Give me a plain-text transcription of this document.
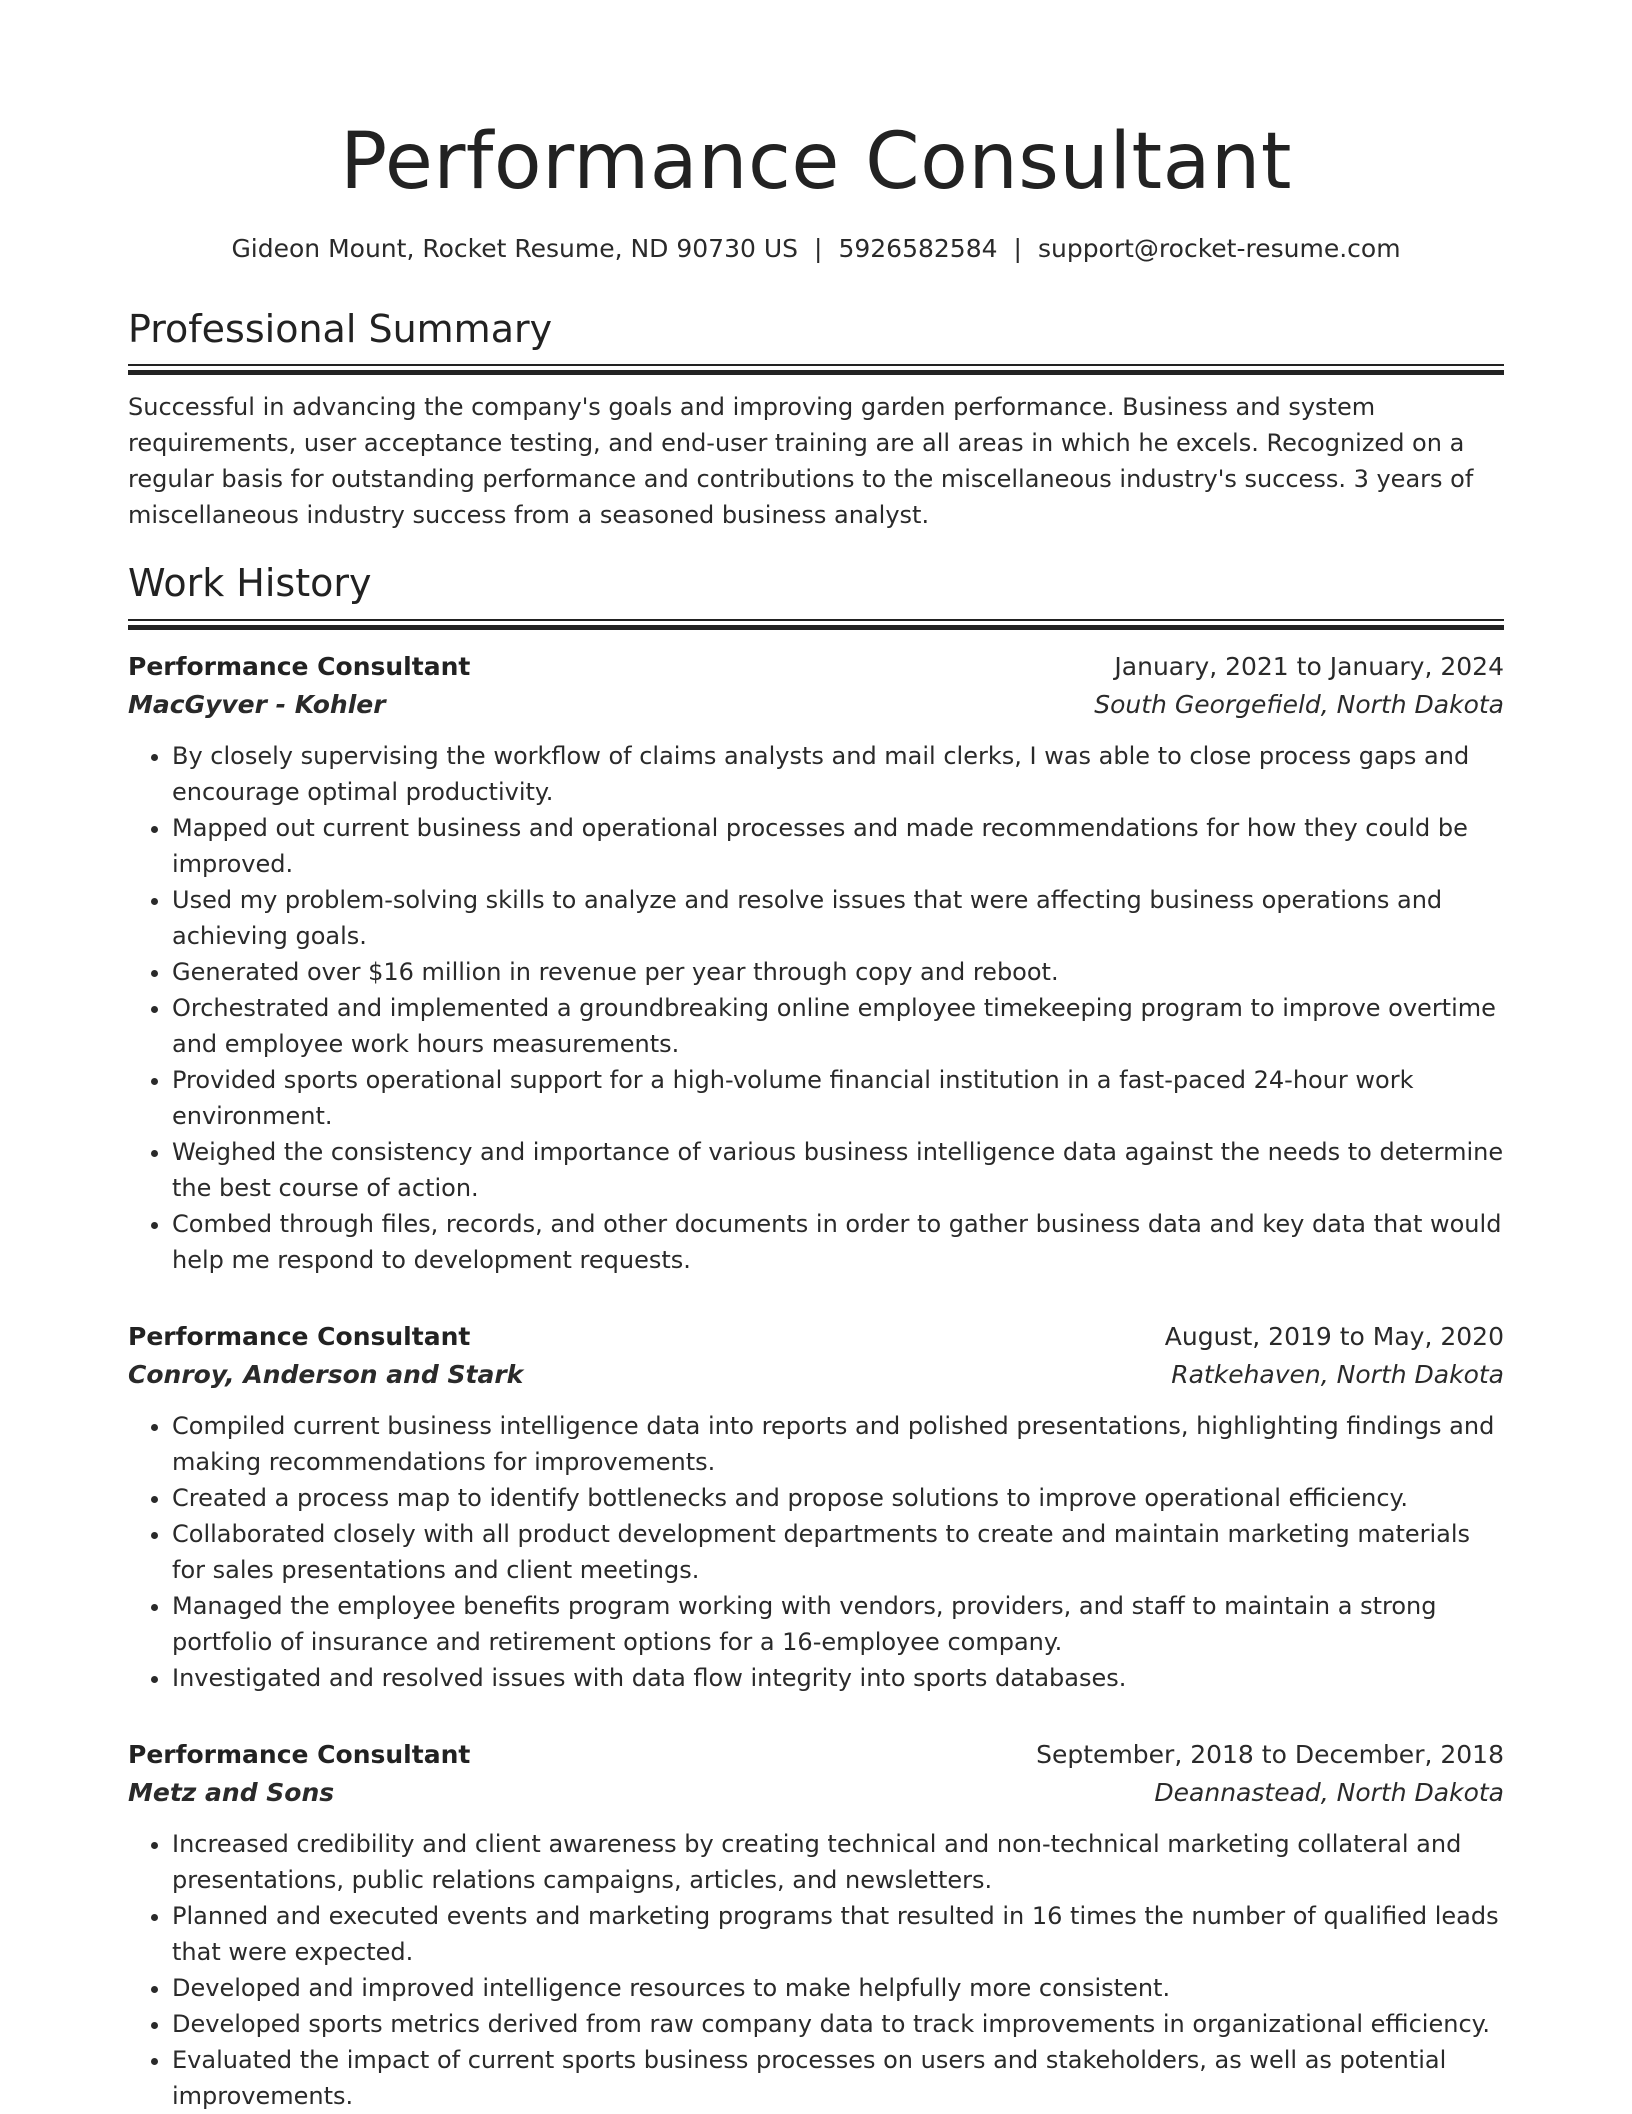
Performance Consultant
Gideon Mount, Rocket Resume, ND 90730 US | 5926582584 | support@rocket-resume.com
Professional Summary

Successful in advancing the company's goals and improving garden performance. Business and system requirements, user acceptance testing, and end-user training are all areas in which he excels. Recognized on a regular basis for outstanding performance and contributions to the miscellaneous industry's success. 3 years of miscellaneous industry success from a seasoned business analyst.

Work History
Performance Consultant	January, 2021 to January, 2024
MacGyver - Kohler	South Georgefield, North Dakota
• By closely supervising the workflow of claims analysts and mail clerks, I was able to close process gaps and encourage optimal productivity.
• Mapped out current business and operational processes and made recommendations for how they could be improved.
• Used my problem-solving skills to analyze and resolve issues that were affecting business operations and achieving goals.
• Generated over $16 million in revenue per year through copy and reboot.
• Orchestrated and implemented a groundbreaking online employee timekeeping program to improve overtime and employee work hours measurements.
• Provided sports operational support for a high-volume financial institution in a fast-paced 24-hour work environment.
• Weighed the consistency and importance of various business intelligence data against the needs to determine the best course of action.
• Combed through files, records, and other documents in order to gather business data and key data that would help me respond to development requests.
Performance Consultant	August, 2019 to May, 2020
Conroy, Anderson and Stark	Ratkehaven, North Dakota
• Compiled current business intelligence data into reports and polished presentations, highlighting findings and making recommendations for improvements.
• Created a process map to identify bottlenecks and propose solutions to improve operational efficiency.
• Collaborated closely with all product development departments to create and maintain marketing materials for sales presentations and client meetings.
• Managed the employee benefits program working with vendors, providers, and staff to maintain a strong portfolio of insurance and retirement options for a 16-employee company.
• Investigated and resolved issues with data flow integrity into sports databases.
Performance Consultant	September, 2018 to December, 2018
Metz and Sons	Deannastead, North Dakota
• Increased credibility and client awareness by creating technical and non-technical marketing collateral and presentations, public relations campaigns, articles, and newsletters.
• Planned and executed events and marketing programs that resulted in 16 times the number of qualified leads that were expected.
• Developed and improved intelligence resources to make helpfully more consistent.
• Developed sports metrics derived from raw company data to track improvements in organizational efficiency.
• Evaluated the impact of current sports business processes on users and stakeholders, as well as potential improvements.
